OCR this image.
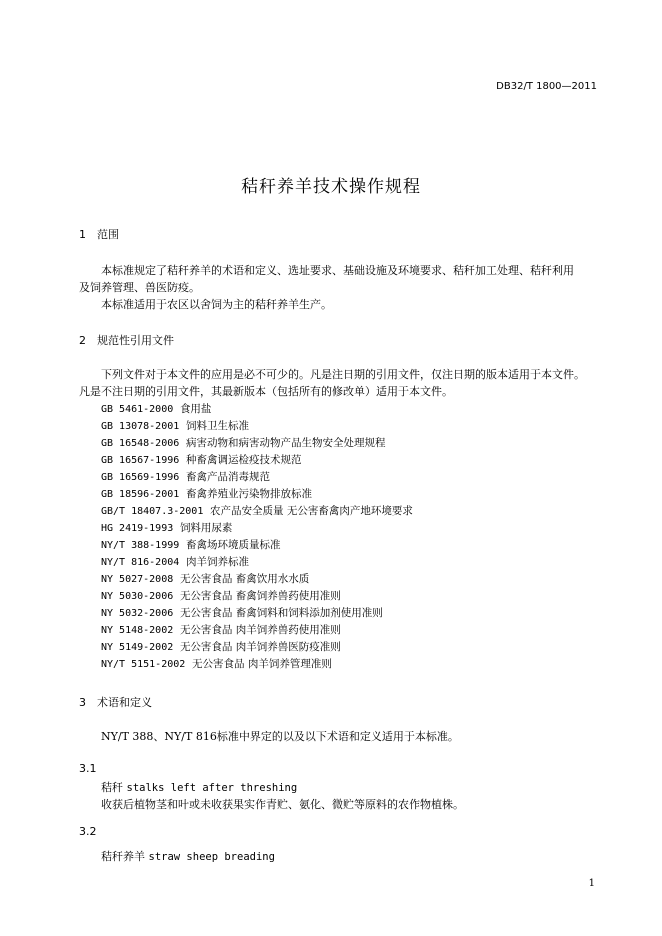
DB32/T 1800—2011
秸秆养羊技术操作规程
1 范围
本标准规定了秸秆养羊的术语和定义、选址要求、基础设施及环境要求、秸秆加工处理、秸秆利用
及饲养管理、兽医防疫。
本标准适用于农区以舍饲为主的秸秆养羊生产。
2 规范性引用文件
下列文件对于本文件的应用是必不可少的。凡是注日期的引用文件，仅注日期的版本适用于本文件。
凡是不注日期的引用文件，其最新版本（包括所有的修改单）适用于本文件。
GB 5461-2000 食用盐
GB 13078-2001 饲料卫生标准
GB 16548-2006 病害动物和病害动物产品生物安全处理规程
GB 16567-1996 种畜禽调运检疫技术规范
GB 16569-1996 畜禽产品消毒规范
GB 18596-2001 畜禽养殖业污染物排放标准
GB/T 18407.3-2001 农产品安全质量 无公害畜禽肉产地环境要求
HG 2419-1993 饲料用尿素
NY/T 388-1999 畜禽场环境质量标准
NY/T 816-2004 肉羊饲养标准
NY 5027-2008 无公害食品 畜禽饮用水水质
NY 5030-2006 无公害食品 畜禽饲养兽药使用准则
NY 5032-2006 无公害食品 畜禽饲料和饲料添加剂使用准则
NY 5148-2002 无公害食品 肉羊饲养兽药使用准则
NY 5149-2002 无公害食品 肉羊饲养兽医防疫准则
NY/T 5151-2002 无公害食品 肉羊饲养管理准则
3 术语和定义
NY/T 388、NY/T 816标准中界定的以及以下术语和定义适用于本标准。
3.1
秸秆 stalks left after threshing
收获后植物茎和叶或未收获果实作青贮、氨化、微贮等原料的农作物植株。
3.2
秸秆养羊 straw sheep breading
1
